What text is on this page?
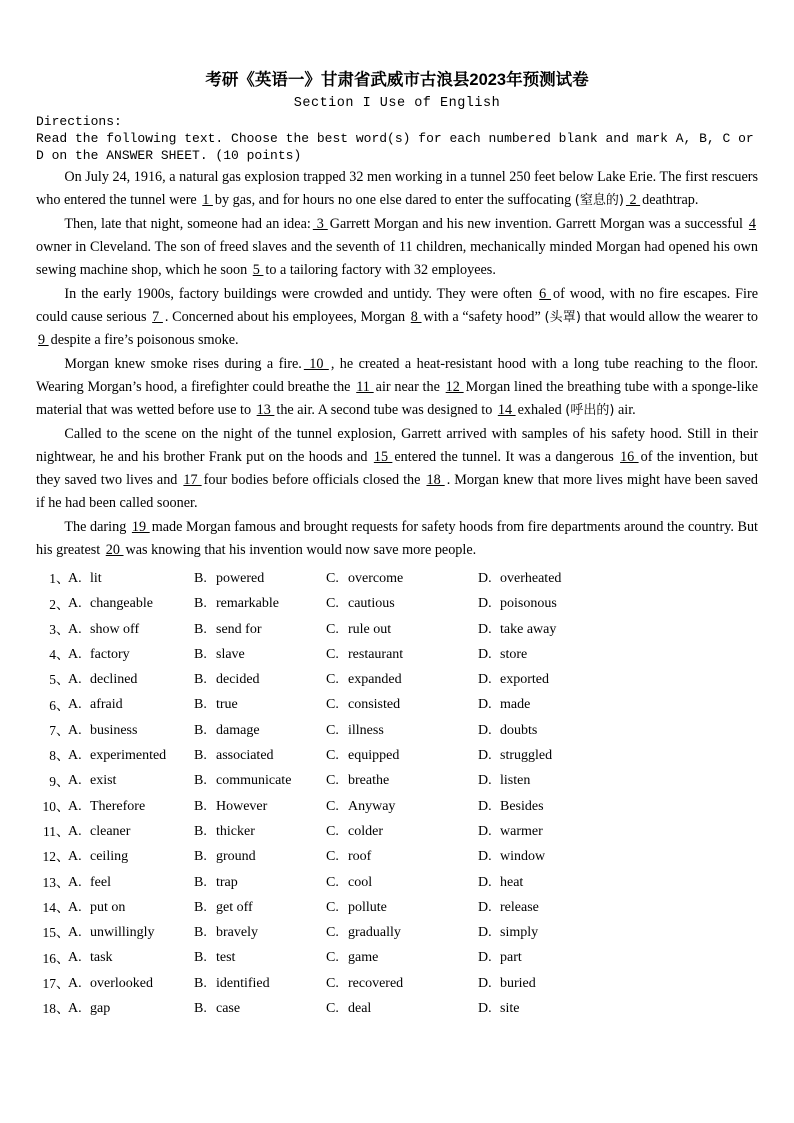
考研《英语一》甘肃省武威市古浪县2023年预测试卷
Section I Use of English
Directions:
Read the following text. Choose the best word(s) for each numbered blank and mark A, B, C or D on the ANSWER SHEET. (10 points)

On July 24, 1916, a natural gas explosion trapped 32 men working in a tunnel 250 feet below Lake Erie. The first rescuers who entered the tunnel were 1 by gas, and for hours no one else dared to enter the suffocating (窒息的) 2 deathtrap.

Then, late that night, someone had an idea: 3 Garrett Morgan and his new invention. Garrett Morgan was a successful 4 owner in Cleveland. The son of freed slaves and the seventh of 11 children, mechanically minded Morgan had opened his own sewing machine shop, which he soon 5 to a tailoring factory with 32 employees.

In the early 1900s, factory buildings were crowded and untidy. They were often 6 of wood, with no fire escapes. Fire could cause serious 7 . Concerned about his employees, Morgan 8 with a “safety hood” (头罩) that would allow the wearer to 9 despite a fire’s poisonous smoke.

Morgan knew smoke rises during a fire. 10 , he created a heat-resistant hood with a long tube reaching to the floor. Wearing Morgan’s hood, a firefighter could breathe the 11 air near the 12 Morgan lined the breathing tube with a sponge-like material that was wetted before use to 13 the air. A second tube was designed to 14 exhaled (呼出的) air.

Called to the scene on the night of the tunnel explosion, Garrett arrived with samples of his safety hood. Still in their nightwear, he and his brother Frank put on the hoods and 15 entered the tunnel. It was a dangerous 16 of the invention, but they saved two lives and 17 four bodies before officials closed the 18 . Morgan knew that more lives might have been saved if he had been called sooner.

The daring 19 made Morgan famous and brought requests for safety hoods from fire departments around the country. But his greatest 20 was knowing that his invention would now save more people.

1 、
A. lit	B. powered	C. overcome	D. overheated
2 、
A. changeable	B. remarkable	C. cautious	D. poisonous
3 、
A. show off	B. send for	C. rule out	D. take away
4 、
A. factory	B. slave	C. restaurant	D. store
5 、
A. declined	B. decided	C. expanded	D. exported
6 、
A. afraid	B. true	C. consisted	D. made
7 、
A. business	B. damage	C. illness	D. doubts
8 、
A. experimented	B. associated	C. equipped	D. struggled
9 、
A. exist	B. communicate	C. breathe	D. listen
10 、
A. Therefore	B. However	C. Anyway	D. Besides
11 、
A. cleaner	B. thicker	C. colder	D. warmer
12 、
A. ceiling	B. ground	C. roof	D. window
13 、
A. feel	B. trap	C. cool	D. heat
14 、
A. put on	B. get off	C. pollute	D. release
15 、
A. unwillingly	B. bravely	C. gradually	D. simply
16 、
A. task	B. test	C. game	D. part
17 、
A. overlooked	B. identified	C. recovered	D. buried
18 、
A. gap	B. case	C. deal	D. site
